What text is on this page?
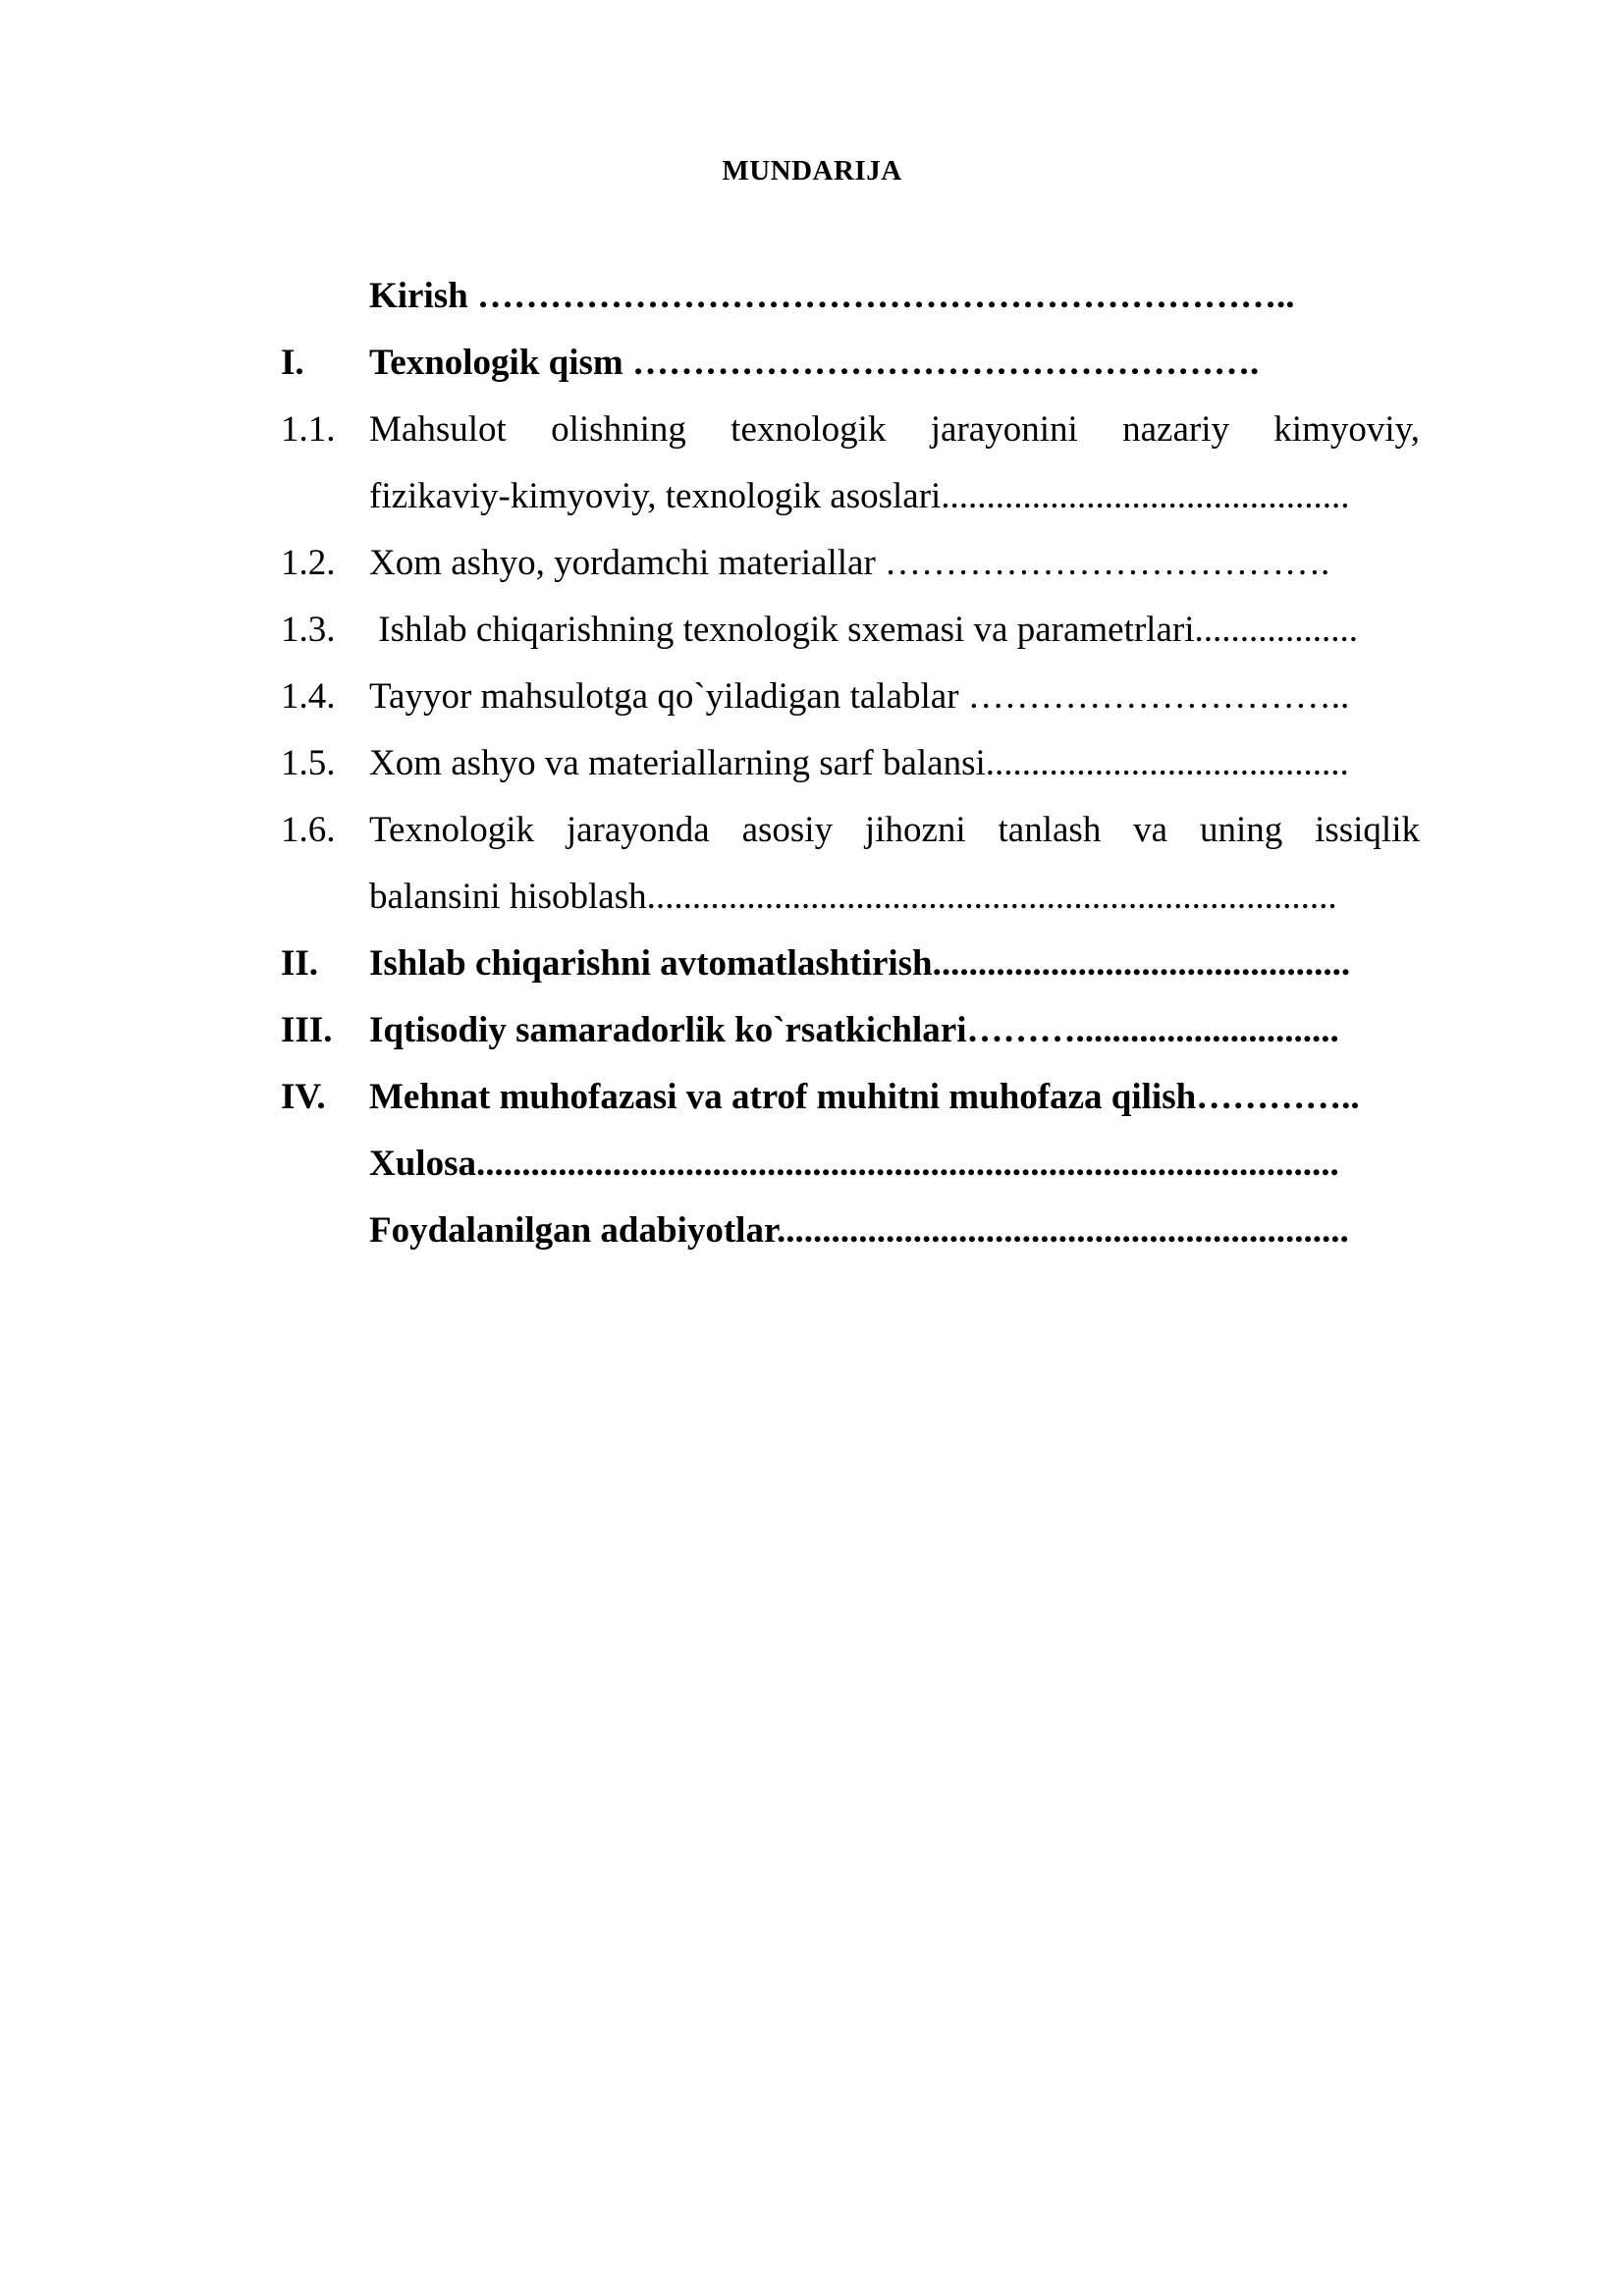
MUNDARIJA
Kirish …………………………………………………………..
I.	Texnologik qism …………………………………………….
1.1. Mahsulot olishning texnologik jarayonini nazariy kimyoviy,
fizikaviy-kimyoviy, texnologik asoslari.............................................
1.2. Xom ashyo, yordamchi materiallar ……………………………….
1.3. Ishlab chiqarishning texnologik sxemasi va parametrlari..................
1.4. Tayyor mahsulotga qo`yiladigan talablar …………………………..
1.5. Xom ashyo va materiallarning sarf balansi........................................
1.6. Texnologik jarayonda asosiy jihozni tanlash va uning issiqlik
balansini hisoblash............................................................................
II.	Ishlab chiqarishni avtomatlashtirish..............................................
III.	Iqtisodiy samaradorlik ko`rsatkichlari……….............................
IV.	Mehnat muhofazasi va atrof muhitni muhofaza qilish…………..
Xulosa...............................................................................................
Foydalanilgan adabiyotlar...............................................................
